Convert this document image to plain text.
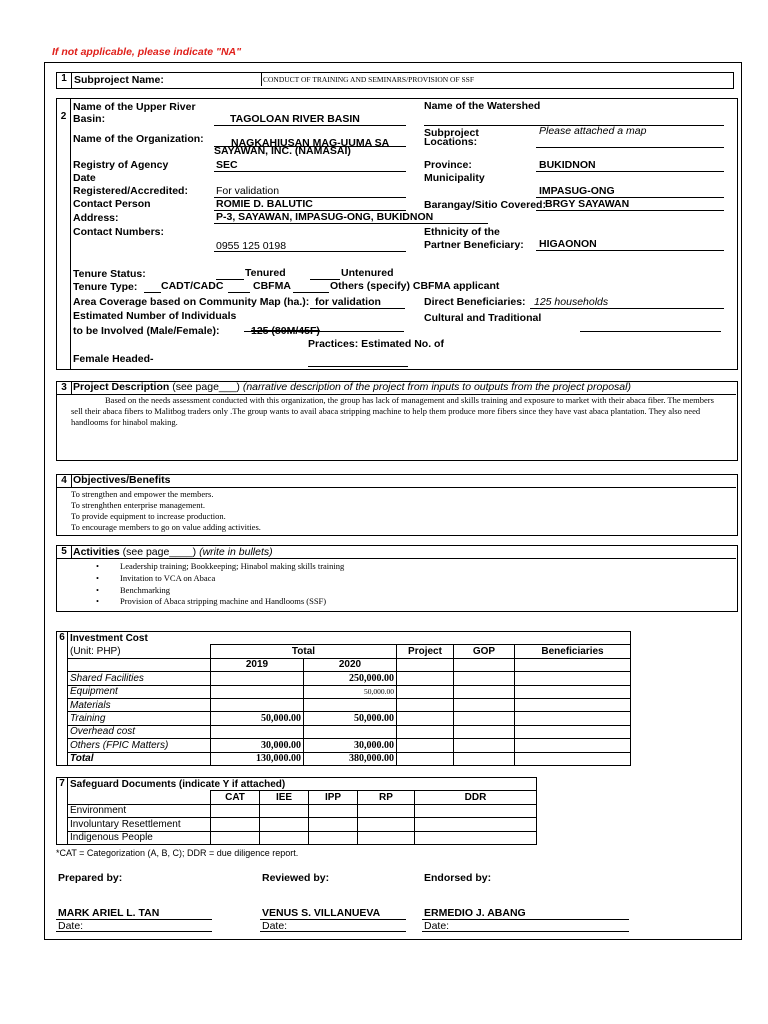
If not applicable, please indicate "NA"
1 Subproject Name:	CONDUCT OF TRAINING AND SEMINARS/PROVISION OF SSF
2
Name of the Upper River
Basin:	TAGOLOAN RIVER BASIN
Name of the Organization:	NAGKAHIUSAN MAG-UUMA SA
SAYAWAN, INC. (NAMASAI)
Registry of Agency	SEC
Date
Registered/Accredited:	For validation
Contact Person	ROMIE D. BALUTIC
Address:	P-3, SAYAWAN, IMPASUG-ONG, BUKIDNON
Contact Numbers:
0955 125 0198
Name of the Watershed
Subproject
Locations:
Please attached a map
Province:	BUKIDNON
Municipality
IMPASUG-ONG
Barangay/Sitio Covered: BRGY SAYAWAN
Ethnicity of the
Partner Beneficiary: HIGAONON
Tenure Status:	Tenured	Untenured
Tenure Type: CADT/CADC	CBFMA	Others (specify) CBFMA applicant
Area Coverage based on Community Map (ha.): for validation	Direct Beneficiaries: 125 households
Estimated Number of Individuals
to be Involved (Male/Female):	125 (80M/45F)
Cultural and Traditional
Practices: Estimated No. of
Female Headed-
3 Project Description (see page___) (narrative description of the project from inputs to outputs from the project proposal)
Based on the needs assessment conducted with this organization, the group has lack of management and skills training and exposure to market with their abaca fiber. The members sell their abaca fibers to Malitbog traders only .The group wants to avail abaca stripping machine to help them produce more fibers since they have vast abaca plantation. They also need handlooms for hinabol making.
4 Objectives/Benefits
To strengthen and empower the members.
To strenghthen enterprise management.
To provide equipment to increase production.
To encourage members to go on value adding activities.
5 Activities (see page____) (write in bullets)
• Leadership training; Bookkeeping; Hinabol making skills training
• Invitation to VCA on Abaca
• Benchmarking
• Provision of Abaca stripping machine and Handlooms (SSF)
6	Investment Cost					
	(Unit: PHP)	Total		Project	GOP	Beneficiaries
		2019	2020			
	Shared Facilities		250,000.00			
	Equipment		50,000.00			
	Materials					
	Training	50,000.00	50,000.00			
	Overhead cost					
	Others (FPIC Matters)	30,000.00	30,000.00			
	Total	130,000.00	380,000.00			
7	Safeguard Documents (indicate Y if attached)					
		CAT	IEE	IPP	RP	DDR
	Environment					
	Involuntary Resettlement					
	Indigenous People					
*CAT = Categorization (A, B, C); DDR = due diligence report.
Prepared by:	Reviewed by:	Endorsed by:
MARK ARIEL L. TAN
Date:
VENUS S. VILLANUEVA
Date:
ERMEDIO J. ABANG
Date:
